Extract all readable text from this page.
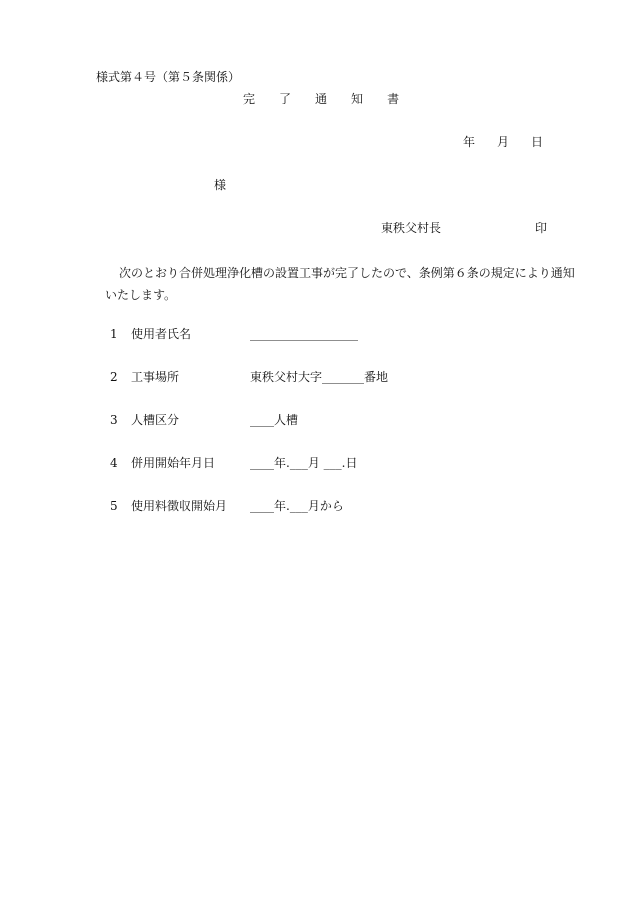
様式第４号（第５条関係）
完 了 通 知 書
年 月 日
様
東秩父村長	印
次のとおり合併処理浄化槽の設置工事が完了したので、条例第６条の規定により通知いたします。
1 使用者氏名	__________________
2 工事場所	東秩父村大字_______番地
3 人槽区分	____人槽
4 併用開始年月日	____年.___月 ___.日
5 使用料徴収開始月 ____年.___月から
